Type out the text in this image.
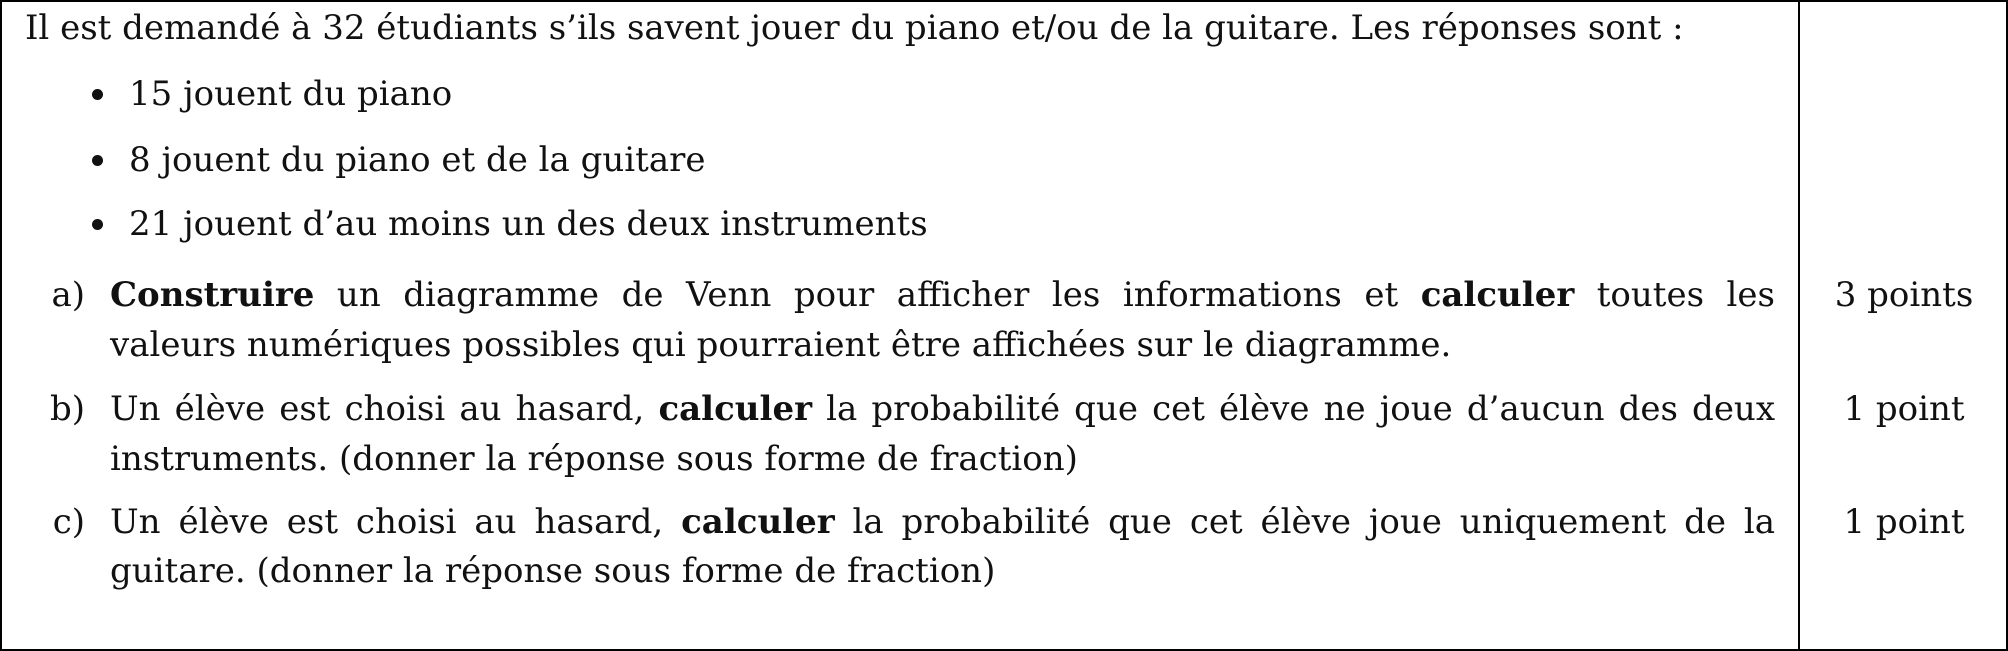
Il est demandé à 32 étudiants s’ils savent jouer du piano et/ou de la guitare. Les réponses sont :
15 jouent du piano
8 jouent du piano et de la guitare
21 jouent d’au moins un des deux instruments
a) Construire un diagramme de Venn pour afficher les informations et calculer toutes les
valeurs numériques possibles qui pourraient être affichées sur le diagramme.
3 points
b) Un élève est choisi au hasard, calculer la probabilité que cet élève ne joue d’aucun des deux
instruments. (donner la réponse sous forme de fraction)
1 point
c) Un élève est choisi au hasard, calculer la probabilité que cet élève joue uniquement de la
guitare. (donner la réponse sous forme de fraction)
1 point
